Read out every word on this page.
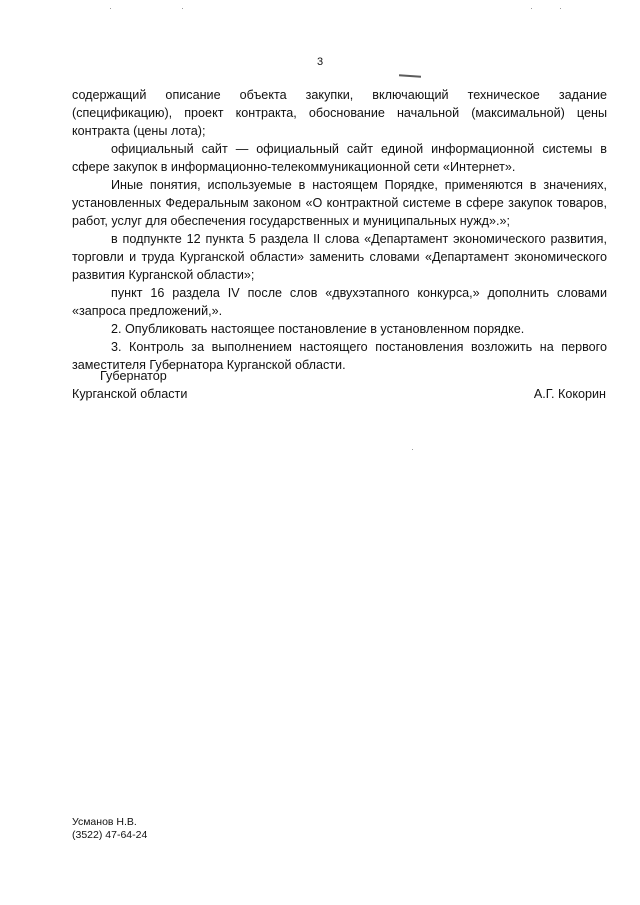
3

содержащий описание объекта закупки, включающий техническое задание (спецификацию), проект контракта, обоснование начальной (максимальной) цены контракта (цены лота);

официальный сайт — официальный сайт единой информационной системы в сфере закупок в информационно-телекоммуникационной сети «Интернет».

Иные понятия, используемые в настоящем Порядке, применяются в значениях, установленных Федеральным законом «О контрактной системе в сфере закупок товаров, работ, услуг для обеспечения государственных и муниципальных нужд».»;

в подпункте 12 пункта 5 раздела II слова «Департамент экономического развития, торговли и труда Курганской области» заменить словами «Департамент экономического развития Курганской области»;

пункт 16 раздела IV после слов «двухэтапного конкурса,» дополнить словами «запроса предложений,».

2. Опубликовать настоящее постановление в установленном порядке.

3. Контроль за выполнением настоящего постановления возложить на первого заместителя Губернатора Курганской области.

Губернатор
Курганской области	А.Г. Кокорин
Усманов Н.В.
(3522) 47-64-24
